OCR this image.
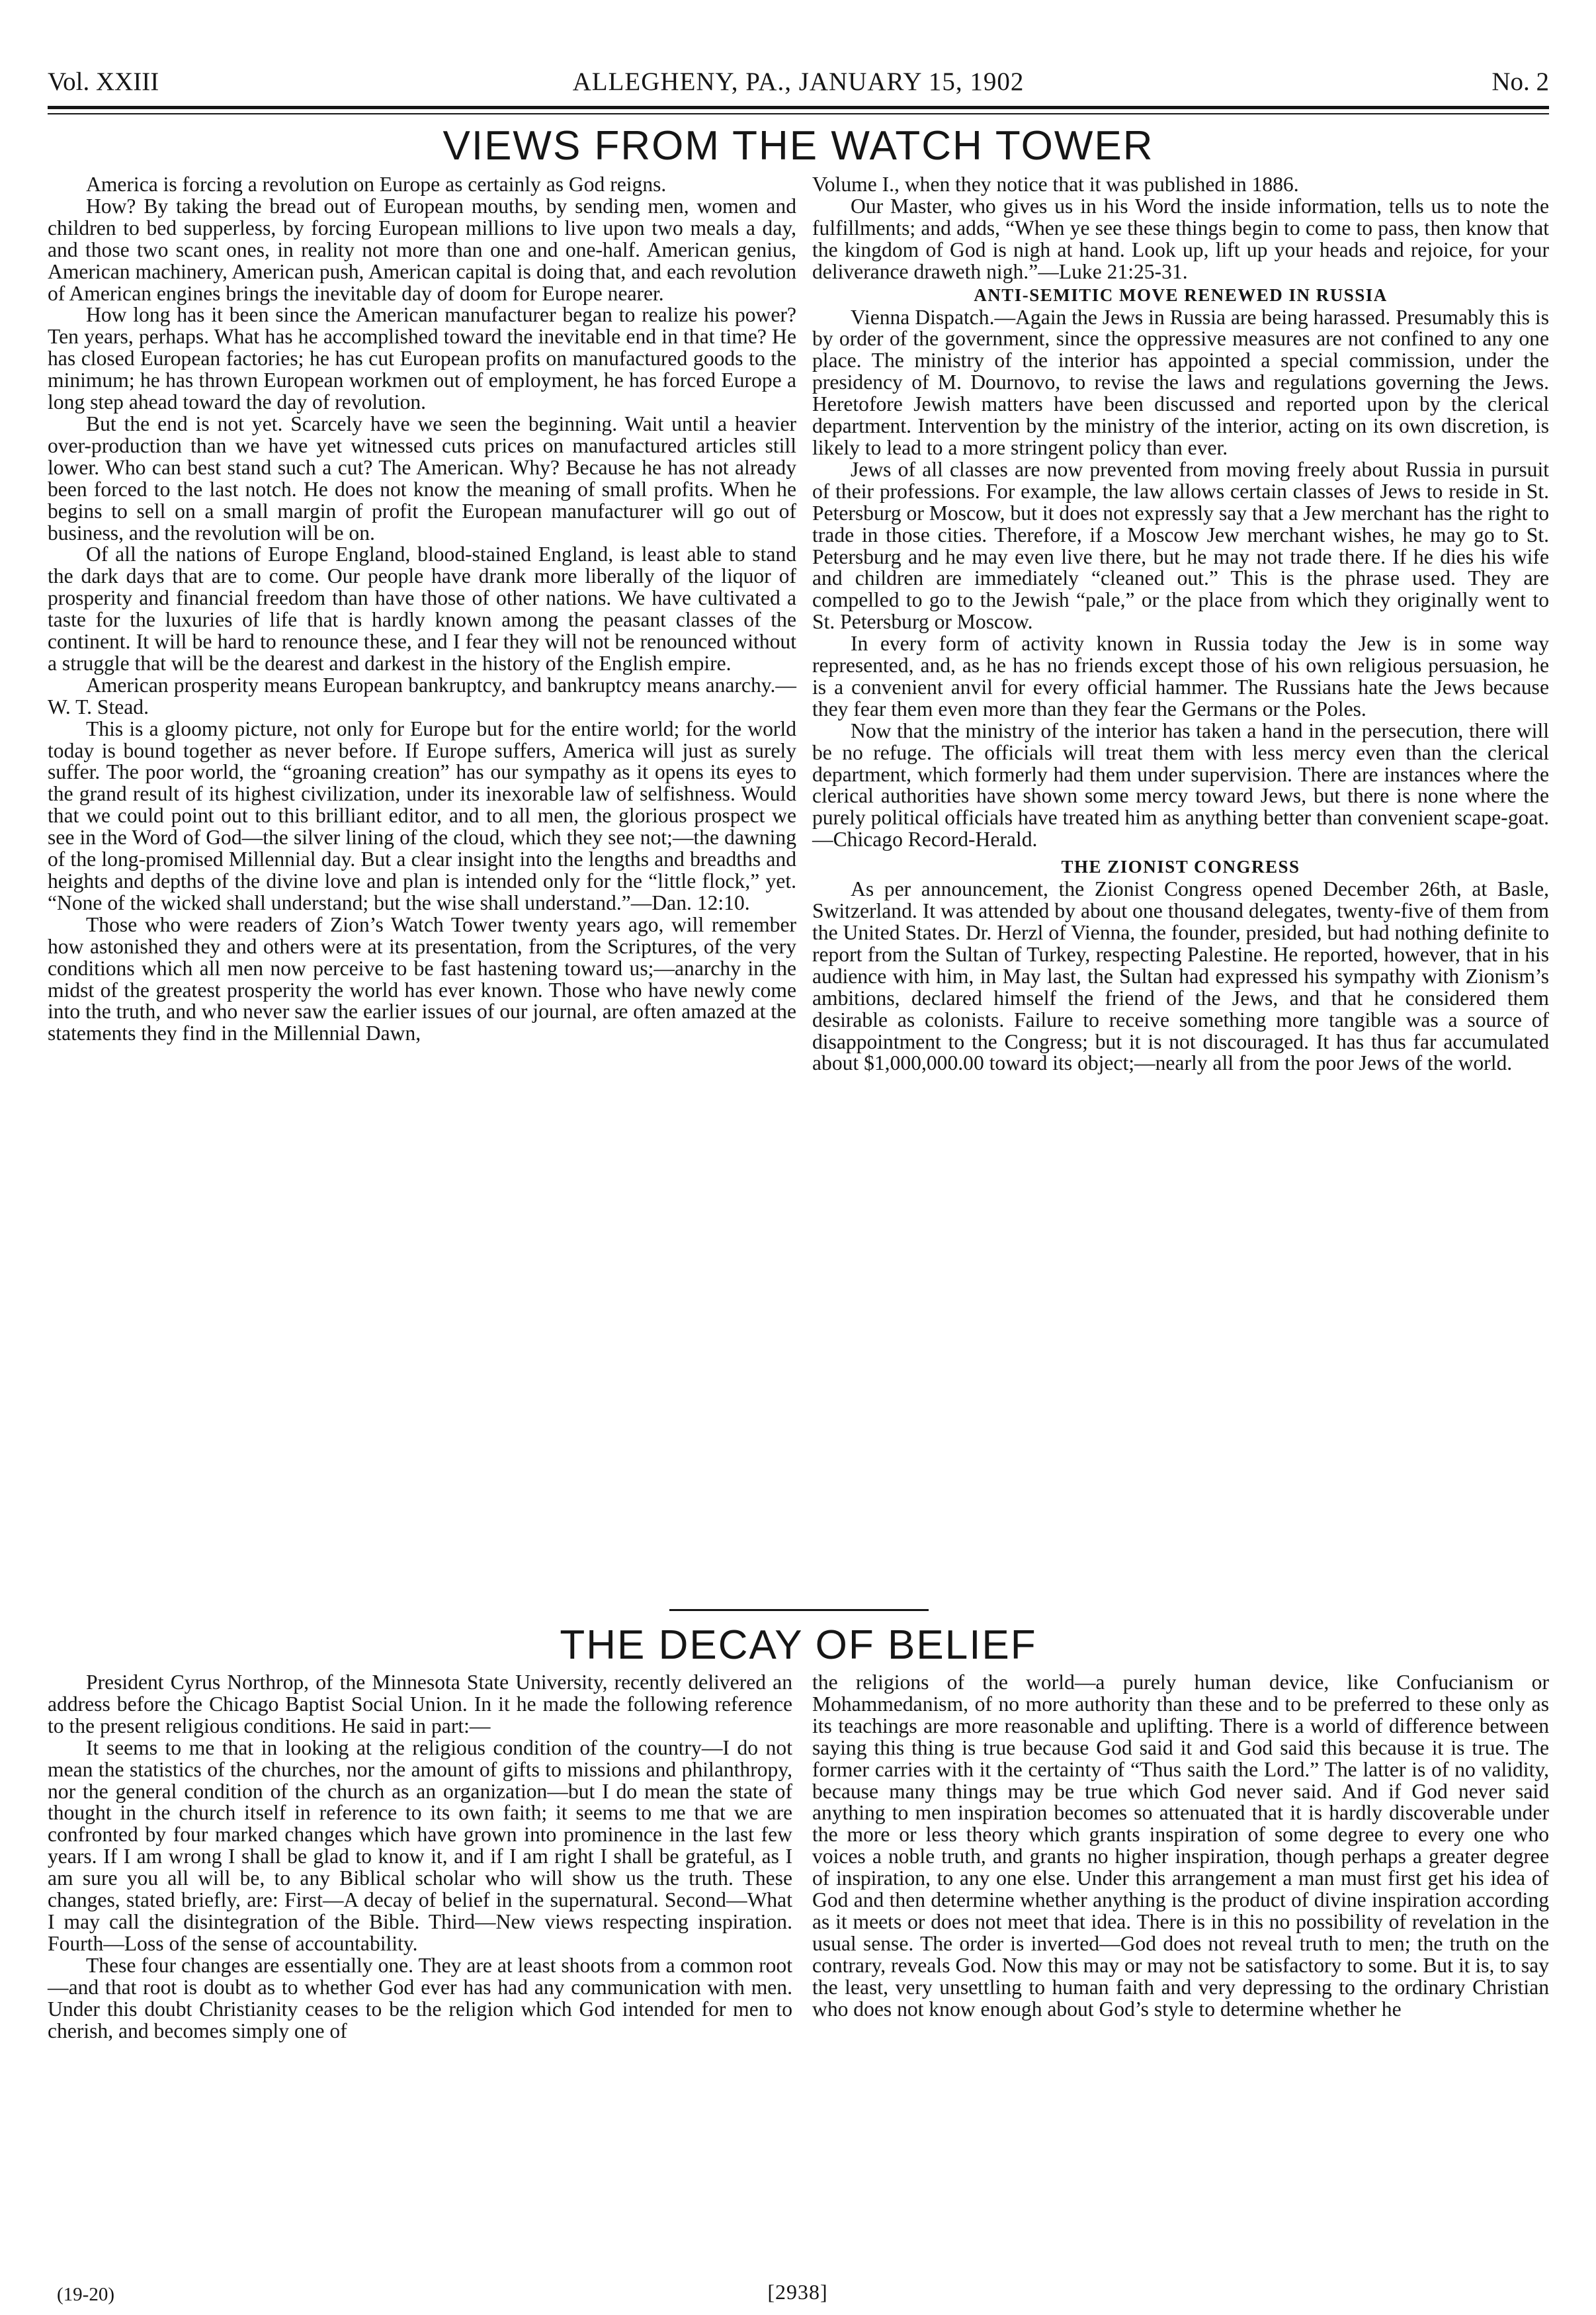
Vol. XXIII	ALLEGHENY, PA., JANUARY 15, 1902	No. 2
VIEWS FROM THE WATCH TOWER

America is forcing a revolution on Europe as certainly as God reigns.

How? By taking the bread out of European mouths, by sending men, women and children to bed supperless, by forcing European millions to live upon two meals a day, and those two scant ones, in reality not more than one and one-half. American genius, American machinery, American push, American capital is doing that, and each revolution of American engines brings the inevitable day of doom for Europe nearer.

How long has it been since the American manufacturer began to realize his power? Ten years, perhaps. What has he accomplished toward the inevitable end in that time? He has closed European factories; he has cut European profits on manufactured goods to the minimum; he has thrown European workmen out of employment, he has forced Europe a long step ahead toward the day of revolution.

But the end is not yet. Scarcely have we seen the beginning. Wait until a heavier over-production than we have yet witnessed cuts prices on manufactured articles still lower. Who can best stand such a cut? The American. Why? Because he has not already been forced to the last notch. He does not know the meaning of small profits. When he begins to sell on a small margin of profit the European manufacturer will go out of business, and the revolution will be on.

Of all the nations of Europe England, blood-stained England, is least able to stand the dark days that are to come. Our people have drank more liberally of the liquor of prosperity and financial freedom than have those of other nations. We have cultivated a taste for the luxuries of life that is hardly known among the peasant classes of the continent. It will be hard to renounce these, and I fear they will not be renounced without a struggle that will be the dearest and darkest in the history of the English empire.

American prosperity means European bankruptcy, and bankruptcy means anarchy.—W. T. Stead.

This is a gloomy picture, not only for Europe but for the entire world; for the world today is bound together as never before. If Europe suffers, America will just as surely suffer. The poor world, the “groaning creation” has our sympathy as it opens its eyes to the grand result of its highest civilization, under its inexorable law of selfishness. Would that we could point out to this brilliant editor, and to all men, the glorious prospect we see in the Word of God—the silver lining of the cloud, which they see not;—the dawning of the long-promised Millennial day. But a clear insight into the lengths and breadths and heights and depths of the divine love and plan is intended only for the “little flock,” yet. “None of the wicked shall understand; but the wise shall understand.”—Dan. 12:10.

Those who were readers of Zion’s Watch Tower twenty years ago, will remember how astonished they and others were at its presentation, from the Scriptures, of the very conditions which all men now perceive to be fast hastening toward us;—anarchy in the midst of the greatest prosperity the world has ever known. Those who have newly come into the truth, and who never saw the earlier issues of our journal, are often amazed at the statements they find in the Millennial Dawn,

Volume I., when they notice that it was published in 1886.

Our Master, who gives us in his Word the inside information, tells us to note the fulfillments; and adds, “When ye see these things begin to come to pass, then know that the kingdom of God is nigh at hand. Look up, lift up your heads and rejoice, for your deliverance draweth nigh.”—Luke 21:25-31.

ANTI-SEMITIC MOVE RENEWED IN RUSSIA

Vienna Dispatch.—Again the Jews in Russia are being harassed. Presumably this is by order of the government, since the oppressive measures are not confined to any one place. The ministry of the interior has appointed a special commission, under the presidency of M. Dournovo, to revise the laws and regulations governing the Jews. Heretofore Jewish matters have been discussed and reported upon by the clerical department. Intervention by the ministry of the interior, acting on its own discretion, is likely to lead to a more stringent policy than ever.

Jews of all classes are now prevented from moving freely about Russia in pursuit of their professions. For example, the law allows certain classes of Jews to reside in St. Petersburg or Moscow, but it does not expressly say that a Jew merchant has the right to trade in those cities. Therefore, if a Moscow Jew merchant wishes, he may go to St. Petersburg and he may even live there, but he may not trade there. If he dies his wife and children are immediately “cleaned out.” This is the phrase used. They are compelled to go to the Jewish “pale,” or the place from which they originally went to St. Petersburg or Moscow.

In every form of activity known in Russia today the Jew is in some way represented, and, as he has no friends except those of his own religious persuasion, he is a convenient anvil for every official hammer. The Russians hate the Jews because they fear them even more than they fear the Germans or the Poles.

Now that the ministry of the interior has taken a hand in the persecution, there will be no refuge. The officials will treat them with less mercy even than the clerical department, which formerly had them under supervision. There are instances where the clerical authorities have shown some mercy toward Jews, but there is none where the purely political officials have treated him as anything better than convenient scape-goat.—Chicago Record-Herald.

THE ZIONIST CONGRESS

As per announcement, the Zionist Congress opened December 26th, at Basle, Switzerland. It was attended by about one thousand delegates, twenty-five of them from the United States. Dr. Herzl of Vienna, the founder, presided, but had nothing definite to report from the Sultan of Turkey, respecting Palestine. He reported, however, that in his audience with him, in May last, the Sultan had expressed his sympathy with Zionism’s ambitions, declared himself the friend of the Jews, and that he considered them desirable as colonists. Failure to receive something more tangible was a source of disappointment to the Congress; but it is not discouraged. It has thus far accumulated about $1,000,000.00 toward its object;—nearly all from the poor Jews of the world.

THE DECAY OF BELIEF

President Cyrus Northrop, of the Minnesota State University, recently delivered an address before the Chicago Baptist Social Union. In it he made the following reference to the present religious conditions. He said in part:—

It seems to me that in looking at the religious condition of the country—I do not mean the statistics of the churches, nor the amount of gifts to missions and philanthropy, nor the general condition of the church as an organization—but I do mean the state of thought in the church itself in reference to its own faith; it seems to me that we are confronted by four marked changes which have grown into prominence in the last few years. If I am wrong I shall be glad to know it, and if I am right I shall be grateful, as I am sure you all will be, to any Biblical scholar who will show us the truth. These changes, stated briefly, are: First—A decay of belief in the supernatural. Second—What I may call the disintegration of the Bible. Third—New views respecting inspiration. Fourth—Loss of the sense of accountability.

These four changes are essentially one. They are at least shoots from a common root—and that root is doubt as to whether God ever has had any communication with men. Under this doubt Christianity ceases to be the religion which God intended for men to cherish, and becomes simply one of

the religions of the world—a purely human device, like Confucianism or Mohammedanism, of no more authority than these and to be preferred to these only as its teachings are more reasonable and uplifting. There is a world of difference between saying this thing is true because God said it and God said this because it is true. The former carries with it the certainty of “Thus saith the Lord.” The latter is of no validity, because many things may be true which God never said. And if God never said anything to men inspiration becomes so attenuated that it is hardly discoverable under the more or less theory which grants inspiration of some degree to every one who voices a noble truth, and grants no higher inspiration, though perhaps a greater degree of inspiration, to any one else. Under this arrangement a man must first get his idea of God and then determine whether anything is the product of divine inspiration according as it meets or does not meet that idea. There is in this no possibility of revelation in the usual sense. The order is inverted—God does not reveal truth to men; the truth on the contrary, reveals God. Now this may or may not be satisfactory to some. But it is, to say the least, very unsettling to human faith and very depressing to the ordinary Christian who does not know enough about God’s style to determine whether he

(19-20)	[2938]
